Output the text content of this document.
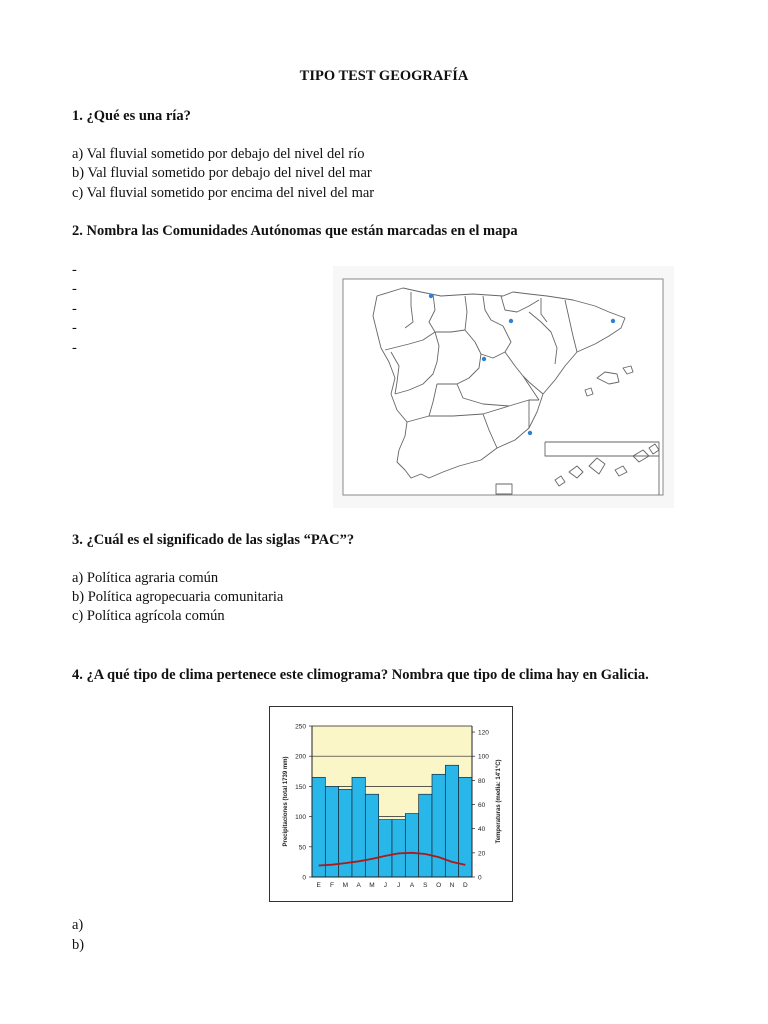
TIPO TEST GEOGRAFÍA
1. ¿Qué es una ría?
a) Val fluvial sometido por debajo del nivel del río
b) Val fluvial sometido por debajo del nivel del mar
c) Val fluvial sometido por encima del nivel del mar
2. Nombra las Comunidades Autónomas que están marcadas en el mapa
-
-
-
-
-
3. ¿Cuál es el significado de las siglas “PAC”?
a) Política agraria común
b) Política agropecuaria comunitaria
c) Política agrícola común
4. ¿A qué tipo de clima pertenece este climograma? Nombra que tipo de clima hay en Galicia.
250
200
150
100
50
0
120
100
80
60
40
20
0
E F M A M J J A S O N D
Precipitaciones (total 1739 mm)	Temperaturas (media: 14'1°C)
a)
b)
